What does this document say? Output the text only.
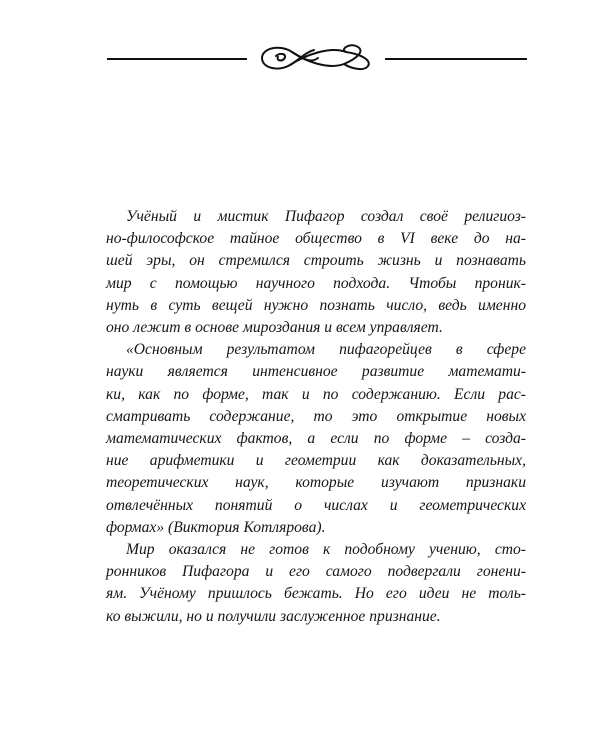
Учёный и мистик Пифагор создал своё религиоз-
но-философское тайное общество в VI веке до на-
шей эры, он стремился строить жизнь и познавать
мир с помощью научного подхода. Чтобы проник-
нуть в суть вещей нужно познать число, ведь именно
оно лежит в основе мироздания и всем управляет.
«Основным результатом пифагорейцев в сфере
науки является интенсивное развитие математи-
ки, как по форме, так и по содержанию. Если рас-
сматривать содержание, то это открытие новых
математических фактов, а если по форме – созда-
ние арифметики и геометрии как доказательных,
теоретических наук, которые изучают признаки
отвлечённых понятий о числах и геометрических
формах» (Виктория Котлярова).
Мир оказался не готов к подобному учению, сто-
ронников Пифагора и его самого подвергали гонени-
ям. Учёному пришлось бежать. Но его идеи не толь-
ко выжили, но и получили заслуженное признание.
